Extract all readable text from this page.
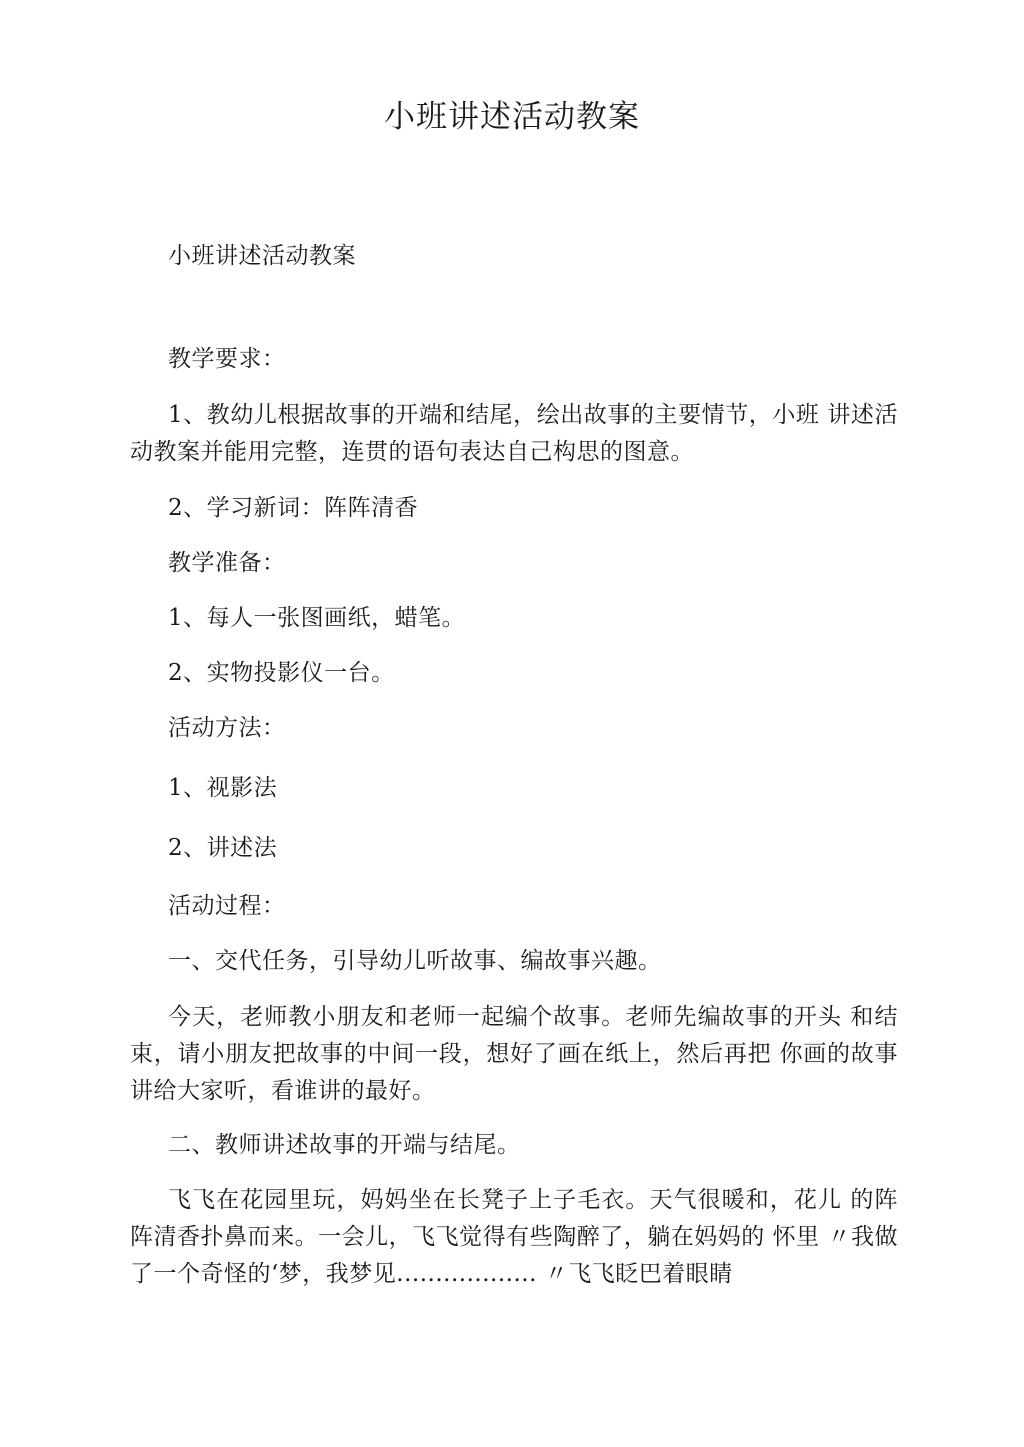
小班讲述活动教案
小班讲述活动教案
教学要求：

1、教幼儿根据故事的开端和结尾，绘出故事的主要情节，小班 讲述活动教案并能用完整，连贯的语句表达自己构思的图意。

2、学习新词：阵阵清香
教学准备：
1、每人一张图画纸，蜡笔。
2、实物投影仪一台。
活动方法：
1、视影法
2、讲述法
活动过程：
一、交代任务，引导幼儿听故事、编故事兴趣。

今天，老师教小朋友和老师一起编个故事。老师先编故事的开头 和结束，请小朋友把故事的中间一段，想好了画在纸上，然后再把 你画的故事讲给大家听，看谁讲的最好。

二、教师讲述故事的开端与结尾。

飞飞在花园里玩，妈妈坐在长凳子上子毛衣。天气很暖和，花儿 的阵阵清香扑鼻而来。一会儿，飞飞觉得有些陶醉了，躺在妈妈的 怀里 〃我做了一个奇怪的‘梦，我梦见.................. 〃飞飞眨巴着眼睛
